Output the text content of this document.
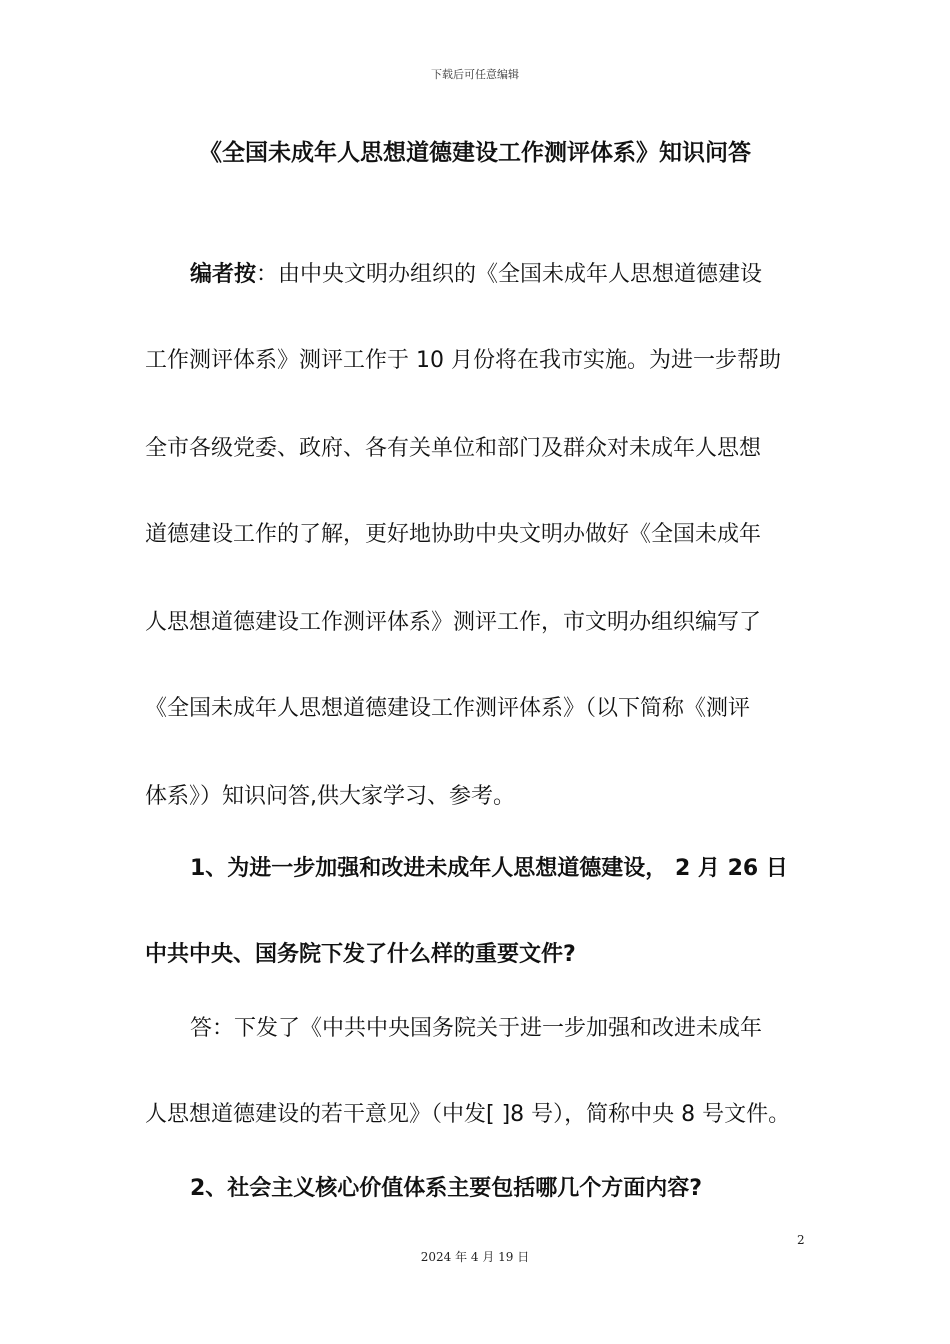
下载后可任意编辑
《全国未成年人思想道德建设工作测评体系》知识问答
编者按：由中央文明办组织的《全国未成年人思想道德建设
工作测评体系》测评工作于 10 月份将在我市实施。为进一步帮助
全市各级党委、政府、各有关单位和部门及群众对未成年人思想
道德建设工作的了解，更好地协助中央文明办做好《全国未成年
人思想道德建设工作测评体系》测评工作，市文明办组织编写了
《全国未成年人思想道德建设工作测评体系》（以下简称《测评
体系》）知识问答,供大家学习、参考。
1、为进一步加强和改进未成年人思想道德建设， 2 月 26 日
中共中央、国务院下发了什么样的重要文件?
答：下发了《中共中央国务院关于进一步加强和改进未成年
人思想道德建设的若干意见》（中发[ ]8 号），简称中央 8 号文件。
2、社会主义核心价值体系主要包括哪几个方面内容?
2
2024 年 4 月 19 日
